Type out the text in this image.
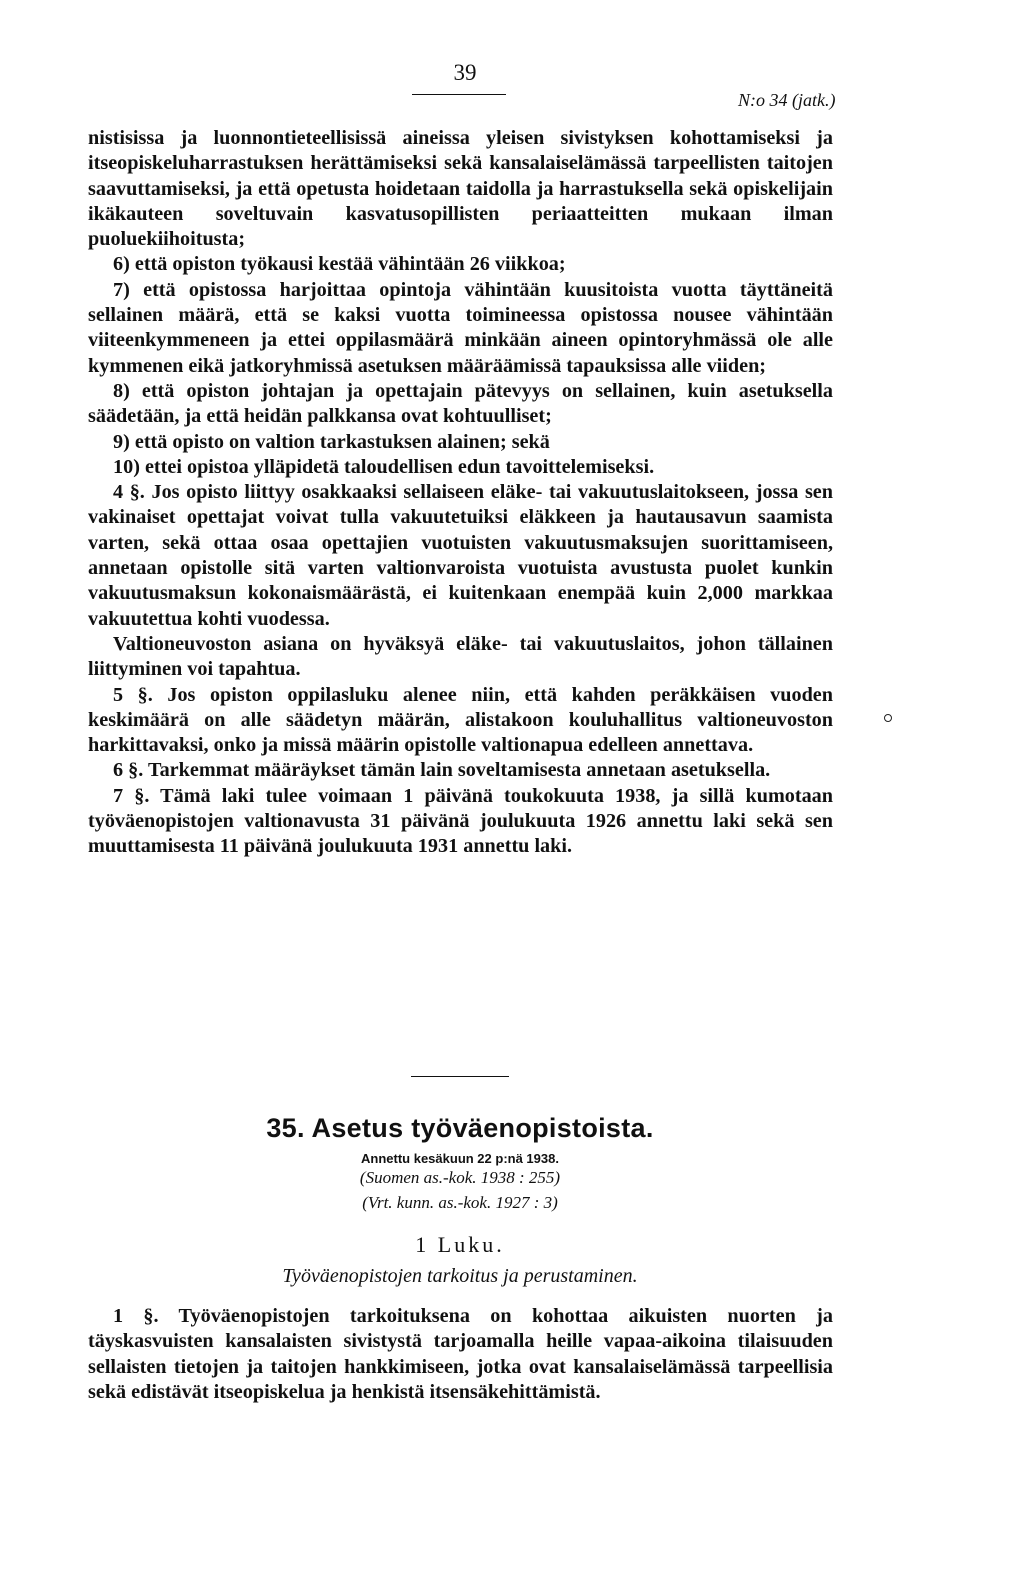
39
N:o 34 (jatk.)

nistisissa ja luonnontieteellisissä aineissa yleisen sivistyksen kohottamiseksi ja itseopiskeluharrastuksen herättämiseksi sekä kansalaiselämässä tarpeellisten taitojen saavuttamiseksi, ja että opetusta hoidetaan taidolla ja harrastuksella sekä opiskelijain ikäkauteen soveltuvain kasvatusopillisten periaatteitten mukaan ilman puoluekiihoitusta;

6) että opiston työkausi kestää vähintään 26 viikkoa;

7) että opistossa harjoittaa opintoja vähintään kuusitoista vuotta täyttäneitä sellainen määrä, että se kaksi vuotta toimineessa opistossa nousee vähintään viiteenkymmeneen ja ettei oppilasmäärä minkään aineen opintoryhmässä ole alle kymmenen eikä jatkoryhmissä asetuksen määräämissä tapauksissa alle viiden;

8) että opiston johtajan ja opettajain pätevyys on sellainen, kuin asetuksella säädetään, ja että heidän palkkansa ovat kohtuulliset;

9) että opisto on valtion tarkastuksen alainen; sekä

10) ettei opistoa ylläpidetä taloudellisen edun tavoittelemiseksi.

4 §. Jos opisto liittyy osakkaaksi sellaiseen eläke- tai vakuutuslaitokseen, jossa sen vakinaiset opettajat voivat tulla vakuutetuiksi eläkkeen ja hautausavun saamista varten, sekä ottaa osaa opettajien vuotuisten vakuutusmaksujen suorittamiseen, annetaan opistolle sitä varten valtionvaroista vuotuista avustusta puolet kunkin vakuutusmaksun kokonaismäärästä, ei kuitenkaan enempää kuin 2,000 markkaa vakuutettua kohti vuodessa.

Valtioneuvoston asiana on hyväksyä eläke- tai vakuutuslaitos, johon tällainen liittyminen voi tapahtua.

5 §. Jos opiston oppilasluku alenee niin, että kahden peräkkäisen vuoden keskimäärä on alle säädetyn määrän, alistakoon kouluhallitus valtioneuvoston harkittavaksi, onko ja missä määrin opistolle valtionapua edelleen annettava.

6 §. Tarkemmat määräykset tämän lain soveltamisesta annetaan asetuksella.

7 §. Tämä laki tulee voimaan 1 päivänä toukokuuta 1938, ja sillä kumotaan työväenopistojen valtionavusta 31 päivänä joulukuuta 1926 annettu laki sekä sen muuttamisesta 11 päivänä joulukuuta 1931 annettu laki.

35. Asetus työväenopistoista.
Annettu kesäkuun 22 p:nä 1938.
(Suomen as.-kok. 1938 : 255)
(Vrt. kunn. as.-kok. 1927 : 3)
1 Luku.
Työväenopistojen tarkoitus ja perustaminen.

1 §. Työväenopistojen tarkoituksena on kohottaa aikuisten nuorten ja täyskasvuisten kansalaisten sivistystä tarjoamalla heille vapaa-aikoina tilaisuuden sellaisten tietojen ja taitojen hankkimiseen, jotka ovat kansalaiselämässä tarpeellisia sekä edistävät itseopiskelua ja henkistä itsensäkehittämistä.
